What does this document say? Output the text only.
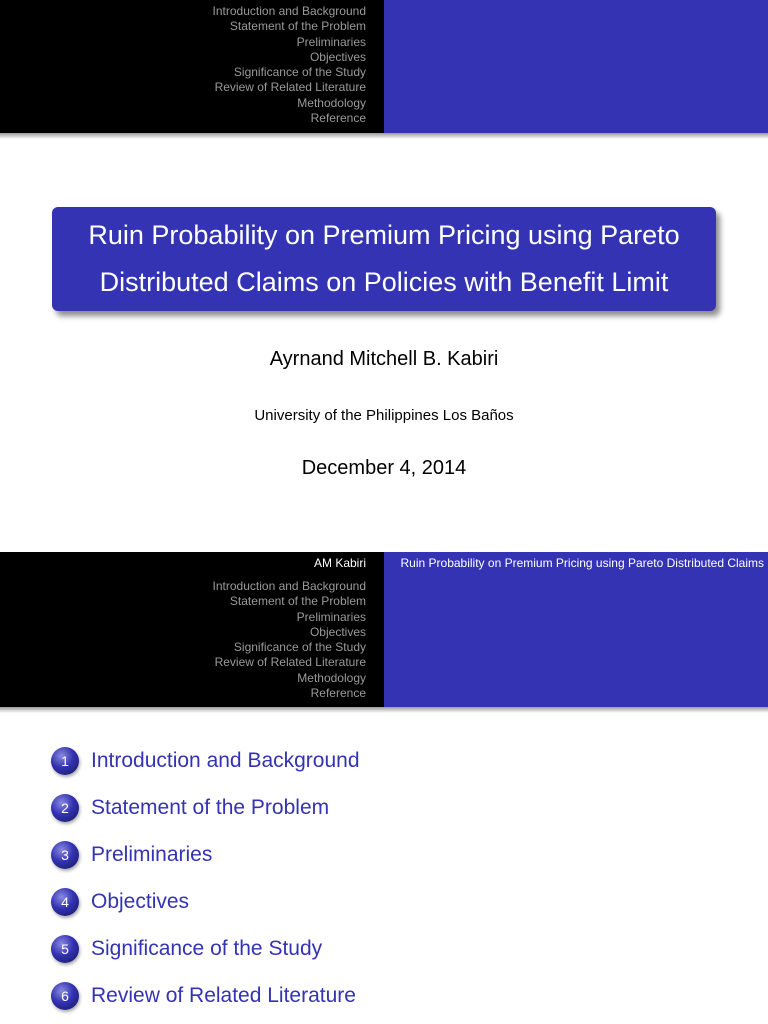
Introduction and Background
Statement of the Problem
Preliminaries
Objectives
Significance of the Study
Review of Related Literature
Methodology
Reference
Ruin Probability on Premium Pricing using Pareto
Distributed Claims on Policies with Benefit Limit
Ayrnand Mitchell B. Kabiri
University of the Philippines Los Baños
December 4, 2014
AM Kabiri
Introduction and Background
Statement of the Problem
Preliminaries
Objectives
Significance of the Study
Review of Related Literature
Methodology
Reference
Ruin Probability on Premium Pricing using Pareto Distributed Claims
1	Introduction and Background
2	Statement of the Problem
3	Preliminaries
4	Objectives
5	Significance of the Study
6	Review of Related Literature
